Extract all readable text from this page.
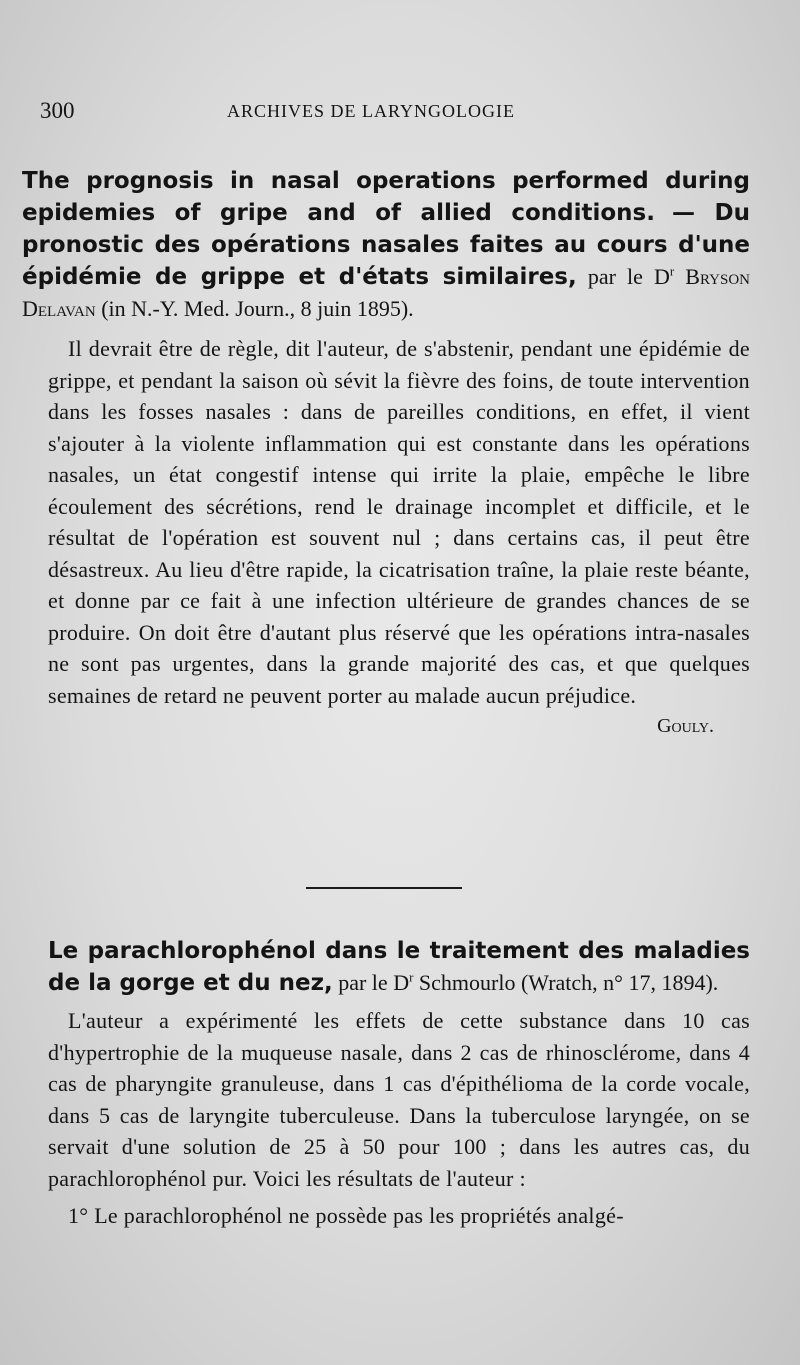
300	ARCHIVES DE LARYNGOLOGIE

The prognosis in nasal operations performed during epidemies of gripe and of allied conditions. — Du pronostic des opérations nasales faites au cours d'une épidémie de grippe et d'états similaires, par le $D^r$ Bryson Delavan (in N.-Y. Med. Journ., 8 juin 1895).

Il devrait être de règle, dit l'auteur, de s'abstenir, pendant une épidémie de grippe, et pendant la saison où sévit la fièvre des foins, de toute intervention dans les fosses nasales : dans de pareilles conditions, en effet, il vient s'ajouter à la violente inflammation qui est constante dans les opérations nasales, un état congestif intense qui irrite la plaie, empêche le libre écoulement des sécrétions, rend le drainage incomplet et difficile, et le résultat de l'opération est souvent nul ; dans certains cas, il peut être désastreux. Au lieu d'être rapide, la cicatrisation traîne, la plaie reste béante, et donne par ce fait à une infection ultérieure de grandes chances de se produire. On doit être d'autant plus réservé que les opérations intra-nasales ne sont pas urgentes, dans la grande majorité des cas, et que quelques semaines de retard ne peuvent porter au malade aucun préjudice.

Gouly.

Le parachlorophénol dans le traitement des maladies de la gorge et du nez, par le $D^r$ Schmourlo (Wratch, n° 17, 1894).

L'auteur a expérimenté les effets de cette substance dans 10 cas d'hypertrophie de la muqueuse nasale, dans 2 cas de rhinosclérome, dans 4 cas de pharyngite granuleuse, dans 1 cas d'épithélioma de la corde vocale, dans 5 cas de laryngite tuberculeuse. Dans la tuberculose laryngée, on se servait d'une solution de 25 à 50 pour 100 ; dans les autres cas, du parachlorophénol pur. Voici les résultats de l'auteur :

1° Le parachlorophénol ne possède pas les propriétés analgé-
